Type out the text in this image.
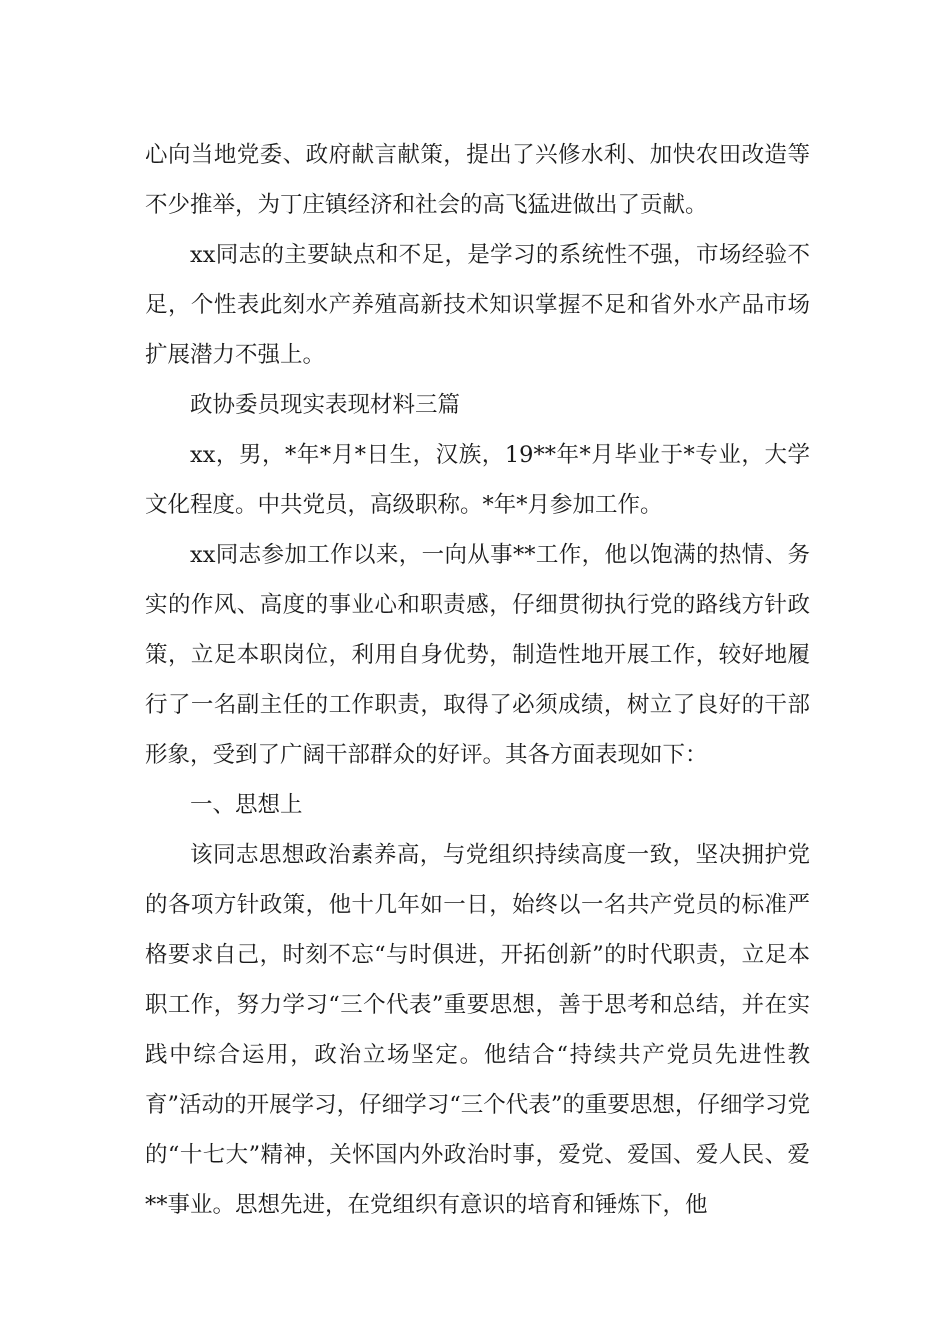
心向当地党委、政府献言献策，提出了兴修水利、加快农田改造等不少推举，为丁庄镇经济和社会的高飞猛进做出了贡献。

xx同志的主要缺点和不足，是学习的系统性不强，市场经验不足，个性表此刻水产养殖高新技术知识掌握不足和省外水产品市场扩展潜力不强上。

政协委员现实表现材料三篇

xx，男，*年*月*日生，汉族，19**年*月毕业于*专业，大学文化程度。中共党员，高级职称。*年*月参加工作。

xx同志参加工作以来，一向从事**工作，他以饱满的热情、务实的作风、高度的事业心和职责感，仔细贯彻执行党的路线方针政策，立足本职岗位，利用自身优势，制造性地开展工作，较好地履行了一名副主任的工作职责，取得了必须成绩，树立了良好的干部形象，受到了广阔干部群众的好评。其各方面表现如下：

一、思想上

该同志思想政治素养高，与党组织持续高度一致，坚决拥护党的各项方针政策，他十几年如一日，始终以一名共产党员的标准严格要求自己，时刻不忘“与时俱进，开拓创新”的时代职责，立足本职工作，努力学习“三个代表”重要思想，善于思考和总结，并在实践中综合运用，政治立场坚定。他结合“持续共产党员先进性教育”活动的开展学习，仔细学习“三个代表”的重要思想，仔细学习党的“十七大”精神，关怀国内外政治时事，爱党、爱国、爱人民、爱**事业。思想先进，在党组织有意识的培育和锤炼下，他
